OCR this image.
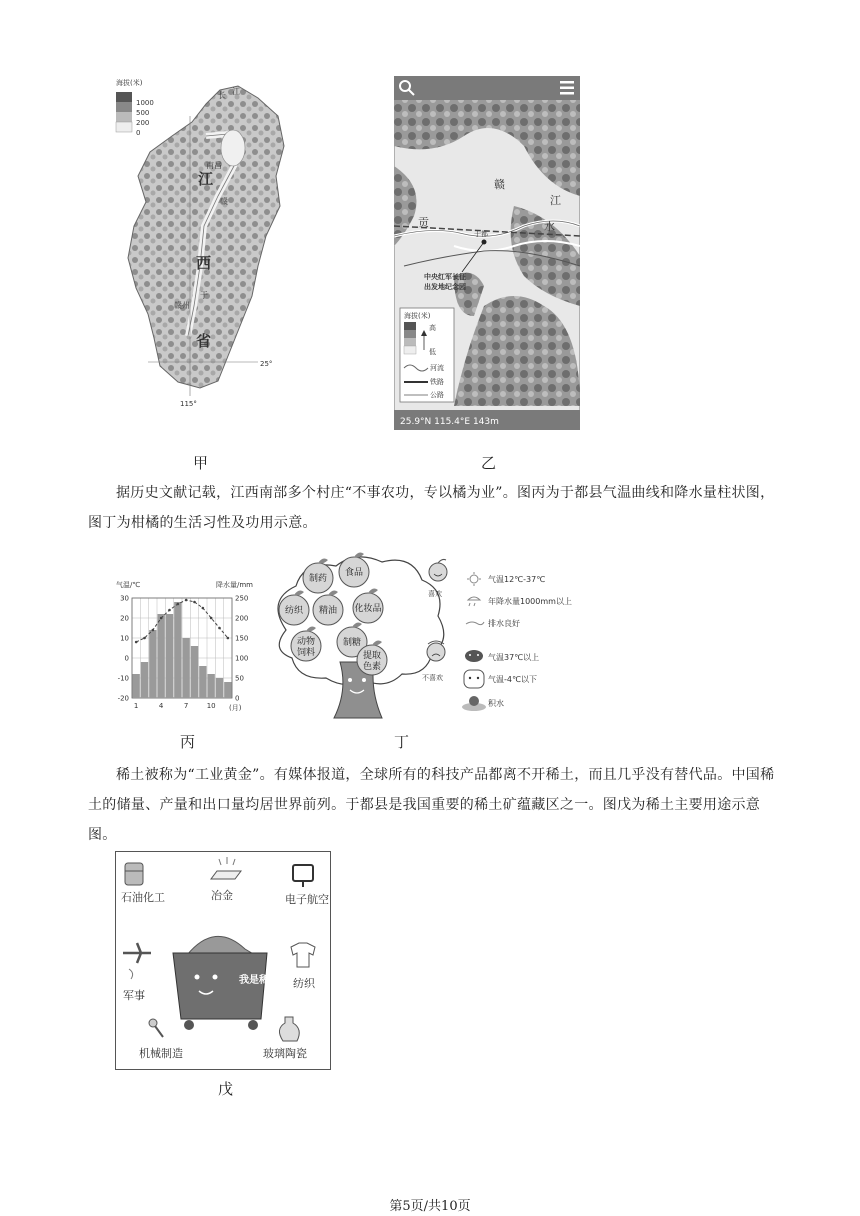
海拔(米)
1000
500
200
0
长 江
南昌
江
赣
西
赣州
省
于
25°
115°
甲
赣
江
贡	水
于都
中央红军长征
出发地纪念园
海拔(米)
高
低
河流
铁路
公路
25.9°N 115.4°E 143m
乙
据历史文献记载，江西南部多个村庄“不事农功，专以橘为业”。图丙为于都县气温曲线和降水量柱状图，图丁为柑橘的生活习性及功用示意。
气温/℃	降水量/mm
30	250
20	200
10	150
0	100
-10	50
-20	0
1	4	7	10 (月)
丙
制药
食品
纺织 精油 化妆品
动物
饲料
制糖
提取
色素
喜欢
气温12℃-37℃
年降水量1000mm以上
排水良好
不喜欢
气温37℃以上
气温-4℃以下
积水
丁
稀土被称为“工业黄金”。有媒体报道，全球所有的科技产品都离不开稀土，而且几乎没有替代品。中国稀土的储量、产量和出口量均居世界前列。于都县是我国重要的稀土矿蕴藏区之一。图戊为稀土主要用途示意图。
我是稀土
石油化工	冶金	电子航空
军事
纺织
机械制造	玻璃陶瓷
戊
第5页/共10页
